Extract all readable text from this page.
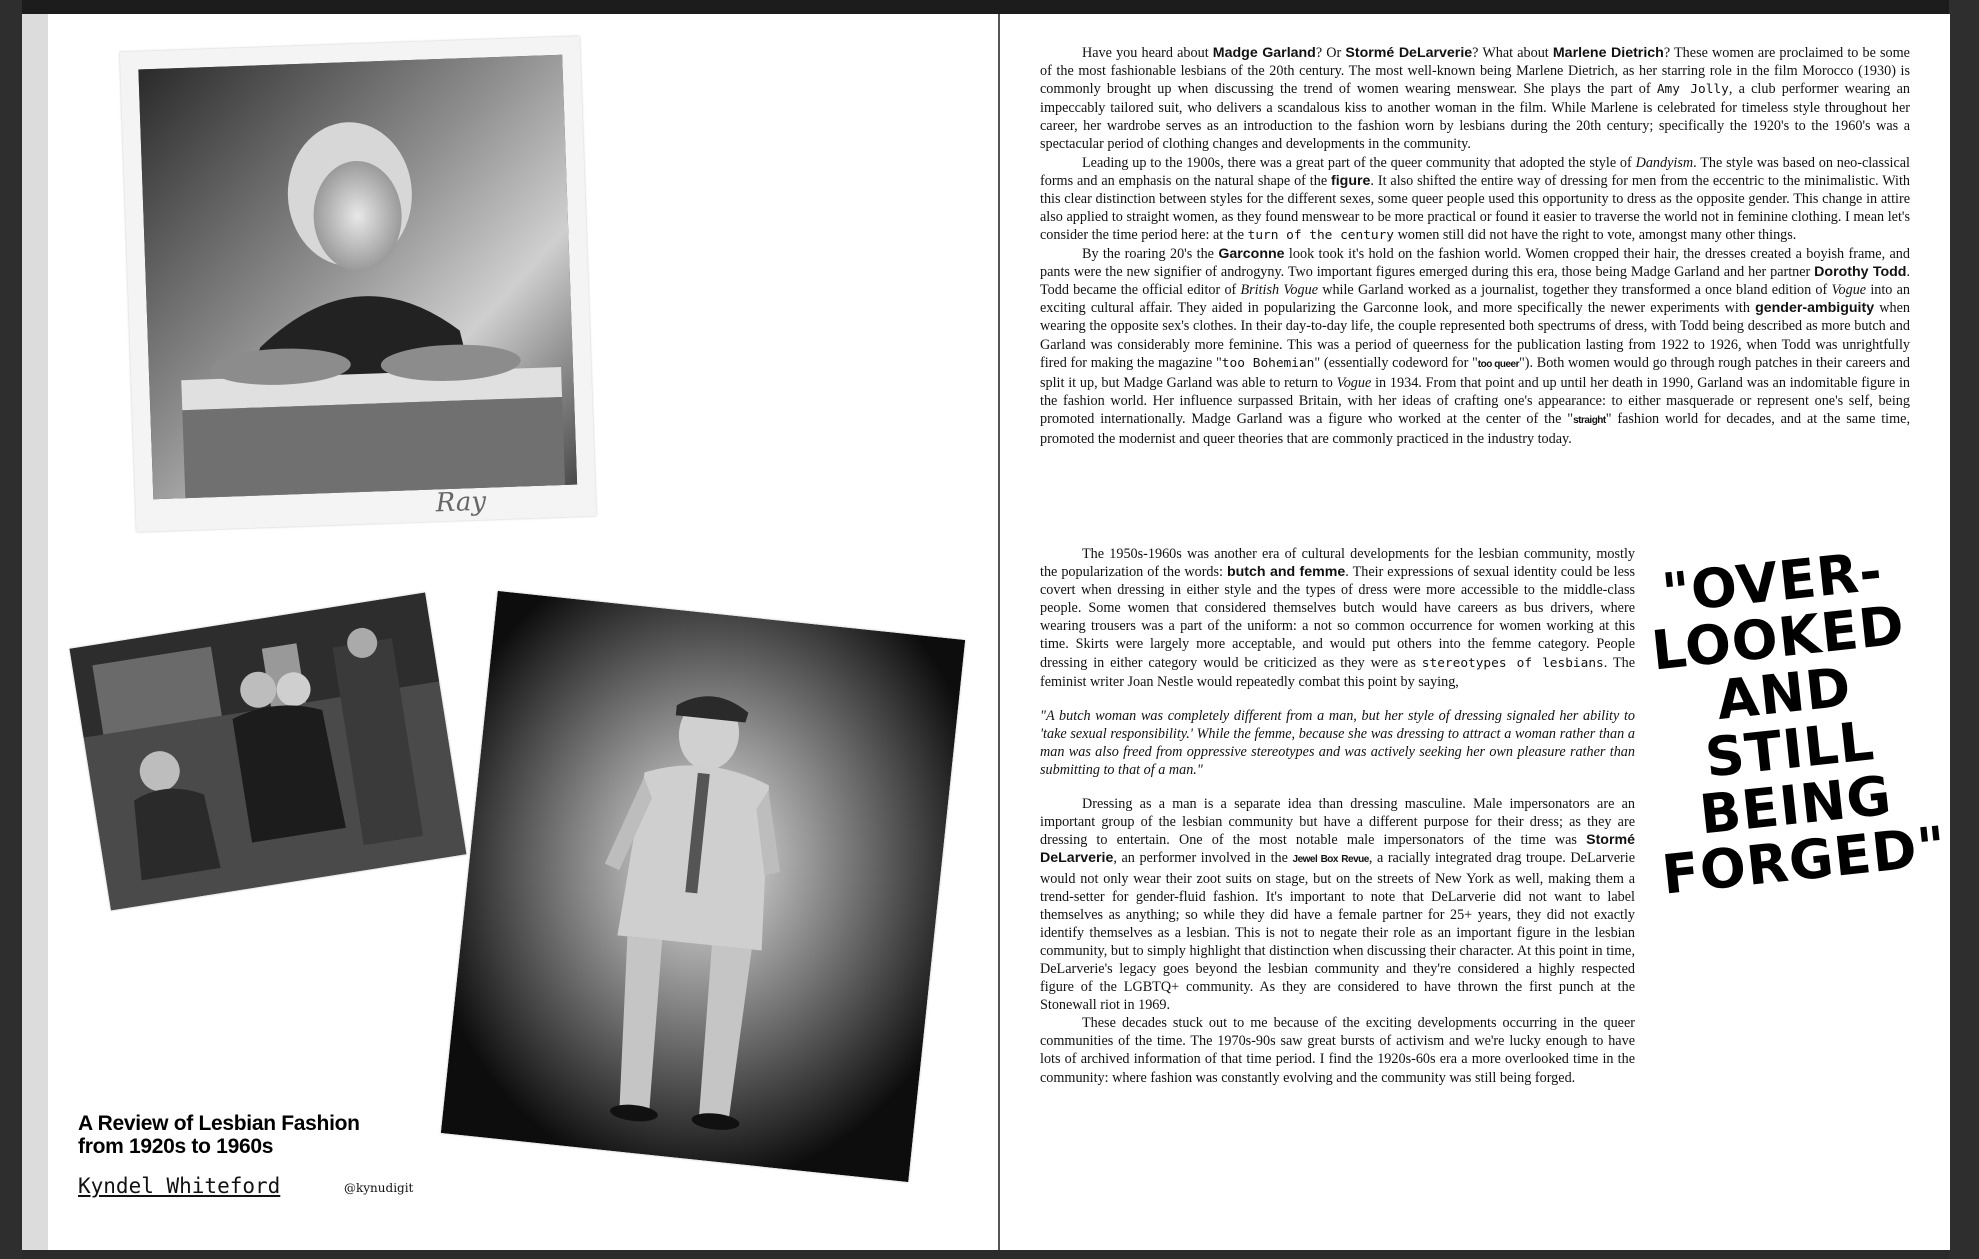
Ray
A Review of Lesbian Fashion
from 1920s to 1960s
Kyndel Whiteford	@kynudigit

Have you heard about Madge Garland? Or Stormé DeLarverie? What about Marlene Dietrich? These women are proclaimed to be some of the most fashionable lesbians of the 20th century. The most well-known being Marlene Dietrich, as her starring role in the film Morocco (1930) is commonly brought up when discussing the trend of women wearing menswear. She plays the part of Amy Jolly, a club performer wearing an impeccably tailored suit, who delivers a scandalous kiss to another woman in the film. While Marlene is celebrated for timeless style throughout her career, her wardrobe serves as an introduction to the fashion worn by lesbians during the 20th century; specifically the 1920's to the 1960's was a spectacular period of clothing changes and developments in the community.

Leading up to the 1900s, there was a great part of the queer community that adopted the style of Dandyism. The style was based on neo-classical forms and an emphasis on the natural shape of the figure. It also shifted the entire way of dressing for men from the eccentric to the minimalistic. With this clear distinction between styles for the different sexes, some queer people used this opportunity to dress as the opposite gender. This change in attire also applied to straight women, as they found menswear to be more practical or found it easier to traverse the world not in feminine clothing. I mean let's consider the time period here: at the turn of the century women still did not have the right to vote, amongst many other things.

By the roaring 20's the Garconne look took it's hold on the fashion world. Women cropped their hair, the dresses created a boyish frame, and pants were the new signifier of androgyny. Two important figures emerged during this era, those being Madge Garland and her partner Dorothy Todd. Todd became the official editor of British Vogue while Garland worked as a journalist, together they transformed a once bland edition of Vogue into an exciting cultural affair. They aided in popularizing the Garconne look, and more specifically the newer experiments with gender-ambiguity when wearing the opposite sex's clothes. In their day-to-day life, the couple represented both spectrums of dress, with Todd being described as more butch and Garland was considerably more feminine. This was a period of queerness for the publication lasting from 1922 to 1926, when Todd was unrightfully fired for making the magazine "too Bohemian" (essentially codeword for "too queer"). Both women would go through rough patches in their careers and split it up, but Madge Garland was able to return to Vogue in 1934. From that point and up until her death in 1990, Garland was an indomitable figure in the fashion world. Her influence surpassed Britain, with her ideas of crafting one's appearance: to either masquerade or represent one's self, being promoted internationally. Madge Garland was a figure who worked at the center of the "straight" fashion world for decades, and at the same time, promoted the modernist and queer theories that are commonly practiced in the industry today.

The 1950s-1960s was another era of cultural developments for the lesbian community, mostly the popularization of the words: butch and femme. Their expressions of sexual identity could be less covert when dressing in either style and the types of dress were more accessible to the middle-class people. Some women that considered themselves butch would have careers as bus drivers, where wearing trousers was a part of the uniform: a not so common occurrence for women working at this time. Skirts were largely more acceptable, and would put others into the femme category. People dressing in either category would be criticized as they were as stereotypes of lesbians. The feminist writer Joan Nestle would repeatedly combat this point by saying,

"A butch woman was completely different from a man, but her style of dressing signaled her ability to 'take sexual responsibility.' While the femme, because she was dressing to attract a woman rather than a man was also freed from oppressive stereotypes and was actively seeking her own pleasure rather than submitting to that of a man."

Dressing as a man is a separate idea than dressing masculine. Male impersonators are an important group of the lesbian community but have a different purpose for their dress; as they are dressing to entertain. One of the most notable male impersonators of the time was Stormé DeLarverie, an performer involved in the Jewel Box Revue, a racially integrated drag troupe. DeLarverie would not only wear their zoot suits on stage, but on the streets of New York as well, making them a trend-setter for gender-fluid fashion. It's important to note that DeLarverie did not want to label themselves as anything; so while they did have a female partner for 25+ years, they did not exactly identify themselves as a lesbian. This is not to negate their role as an important figure in the lesbian community, but to simply highlight that distinction when discussing their character. At this point in time, DeLarverie's legacy goes beyond the lesbian community and they're considered a highly respected figure of the LGBTQ+ community. As they are considered to have thrown the first punch at the Stonewall riot in 1969.

These decades stuck out to me because of the exciting developments occurring in the queer communities of the time. The 1970s-90s saw great bursts of activism and we're lucky enough to have lots of archived information of that time period. I find the 1920s-60s era a more overlooked time in the community: where fashion was constantly evolving and the community was still being forged.

"OVER-LOOKED AND STILL BEING FORGED"
